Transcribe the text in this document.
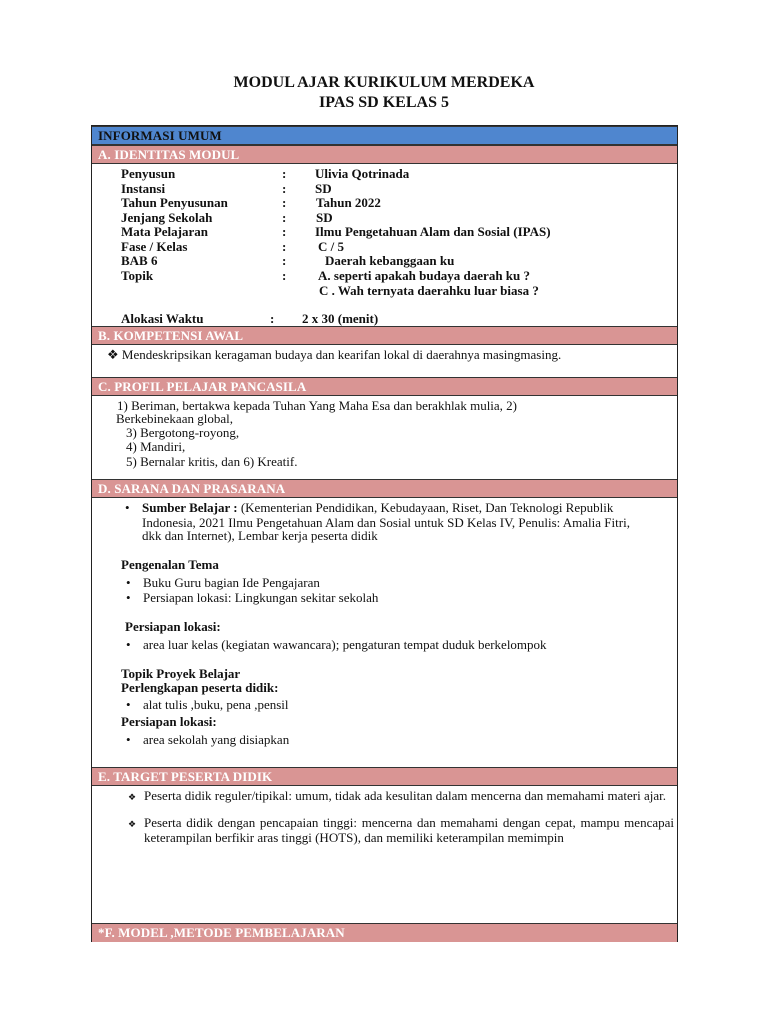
MODUL AJAR KURIKULUM MERDEKA
IPAS SD KELAS 5
INFORMASI UMUM
A. IDENTITAS MODUL
Penyusun	: Ulivia Qotrinada
Instansi	: SD
Tahun Penyusunan	: Tahun 2022
Jenjang Sekolah	: SD
Mata Pelajaran	: Ilmu Pengetahuan Alam dan Sosial (IPAS)
Fase / Kelas	: C / 5
BAB 6	:	Daerah kebanggaan ku
Topik	: A. seperti apakah budaya daerah ku ?
C . Wah ternyata daerahku luar biasa ?
Alokasi Waktu	: 2 x 30 (menit)
B. KOMPETENSI AWAL
❖ Mendeskripsikan keragaman budaya dan kearifan lokal di daerahnya masingmasing.
C. PROFIL PELAJAR PANCASILA
1) Beriman, bertakwa kepada Tuhan Yang Maha Esa dan berakhlak mulia, 2)
Berkebinekaan global,
3) Bergotong-royong,
4) Mandiri,
5) Bernalar kritis, dan 6) Kreatif.
D. SARANA DAN PRASARANA
• Sumber Belajar : (Kementerian Pendidikan, Kebudayaan, Riset, Dan Teknologi Republik
Indonesia, 2021 Ilmu Pengetahuan Alam dan Sosial untuk SD Kelas IV, Penulis: Amalia Fitri,
dkk dan Internet), Lembar kerja peserta didik
Pengenalan Tema
• Buku Guru bagian Ide Pengajaran
• Persiapan lokasi: Lingkungan sekitar sekolah
Persiapan lokasi:
• area luar kelas (kegiatan wawancara); pengaturan tempat duduk berkelompok
Topik Proyek Belajar
Perlengkapan peserta didik:
• alat tulis ,buku, pena ,pensil
Persiapan lokasi:
• area sekolah yang disiapkan
E. TARGET PESERTA DIDIK
❖ Peserta didik reguler/tipikal: umum, tidak ada kesulitan dalam mencerna dan memahami materi ajar.
❖ Peserta didik dengan pencapaian tinggi: mencerna dan memahami dengan cepat, mampu mencapai keterampilan berfikir aras tinggi (HOTS), dan memiliki keterampilan memimpin
*F. MODEL ,METODE PEMBELAJARAN
